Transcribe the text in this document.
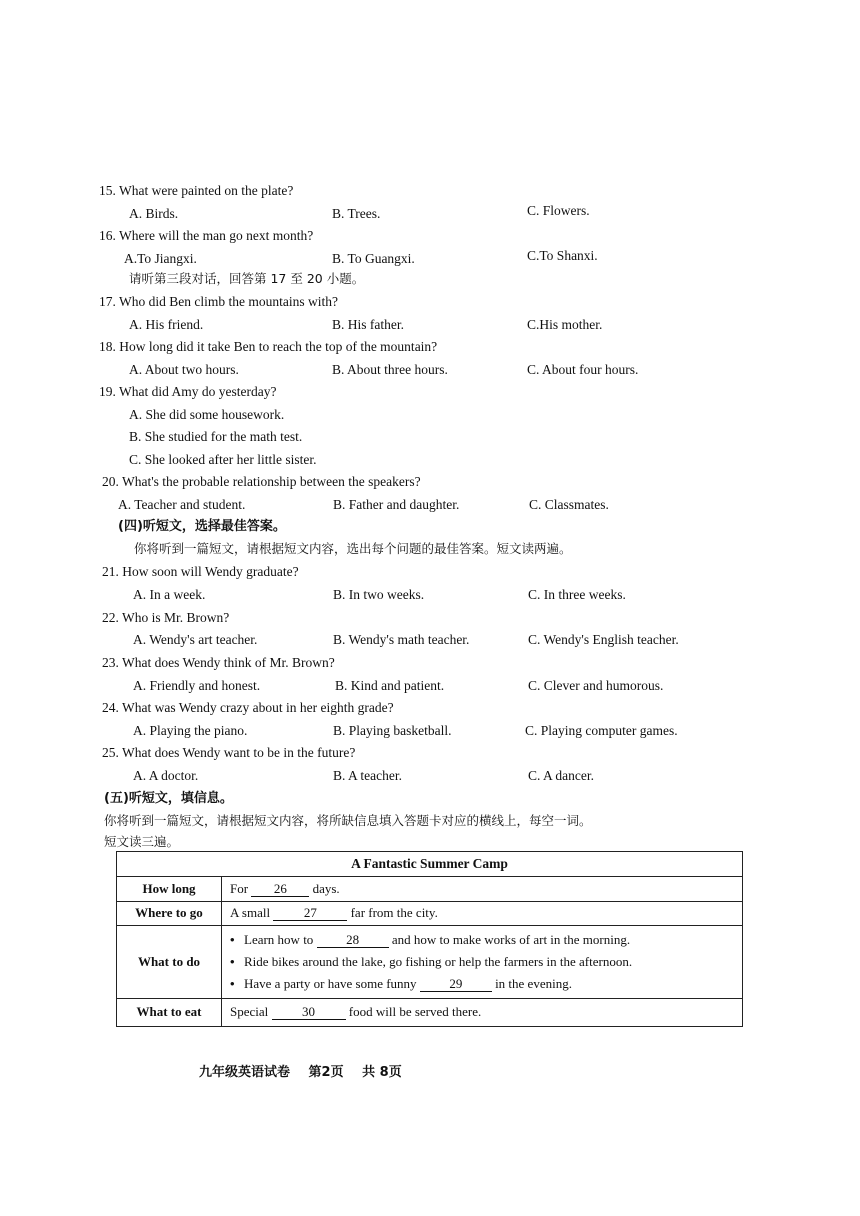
15. What were painted on the plate?
A. Birds.	B. Trees.	C. Flowers.
16. Where will the man go next month?
A.To Jiangxi.	B. To Guangxi.	C.To Shanxi.
请听第三段对话，回答第 17 至 20 小题。
17. Who did Ben climb the mountains with?
A. His friend.	B. His father.	C.His mother.
18. How long did it take Ben to reach the top of the mountain?
A. About two hours.	B. About three hours.	C. About four hours.
19. What did Amy do yesterday?
A. She did some housework.
B. She studied for the math test.
C. She looked after her little sister.
20. What's the probable relationship between the speakers?
A. Teacher and student.	B. Father and daughter.	C. Classmates.
(四)听短文，选择最佳答案。
你将听到一篇短文，请根据短文内容，选出每个问题的最佳答案。短文读两遍。
21. How soon will Wendy graduate?
A. In a week.	B. In two weeks.	C. In three weeks.
22. Who is Mr. Brown?
A. Wendy's art teacher.	B. Wendy's math teacher.	C. Wendy's English teacher.
23. What does Wendy think of Mr. Brown?
A. Friendly and honest.	B. Kind and patient.	C. Clever and humorous.
24. What was Wendy crazy about in her eighth grade?
A. Playing the piano.	B. Playing basketball.	C. Playing computer games.
25. What does Wendy want to be in the future?
A. A doctor.	B. A teacher.	C. A dancer.
(五)听短文，填信息。
你将听到一篇短文，请根据短文内容，将所缺信息填入答题卡对应的横线上，每空一词。
短文读三遍。
A Fantastic Summer Camp	
How long	For 26 days.
Where to go	A small 27 far from the city.
What to do	• Learn how to 28 and how to make works of art in the morning.
• Ride bikes around the lake, go fishing or help the farmers in the afternoon.
• Have a party or have some funny 29 in the evening.

What to eat	Special 30 food will be served there.
九年级英语试卷 第2页 共 8页
